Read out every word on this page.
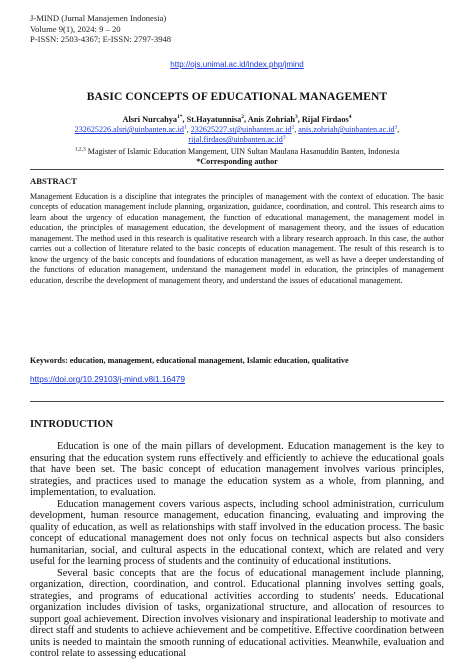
J-MIND (Jurnal Manajemen Indonesia)
Volume 9(1), 2024: 9 – 20
P-ISSN: 2503-4367; E-ISSN: 2797-3948
http://ojs.unimal.ac.id/index.php/jmind
BASIC CONCEPTS OF EDUCATIONAL MANAGEMENT
Alsri Nurcahya$^{1*}$, St.Hayatunnisa$^2$, Anis Zohriah$^3$, Rijal Firdaos$^4$
$232625226.alsri@uinbanten.ac.id^1$, $232625227.st@uinbanten.ac.id^2$, $anis.zohriah@uinbanten.ac.id^3$,
$rijal.firdaos@uinbanten.ac.id^3$
$^{1,2,3}$ Magister of Islamic Education Mangement, UIN Sultan Maulana Hasanuddin Banten, Indonesia
*Corresponding author
ABSTRACT
Management Education is a discipline that integrates the principles of management with the context of education. The basic concepts of education management include planning, organization, guidance, coordination, and control. This research aims to learn about the urgency of education management, the function of educational management, the management model in education, the principles of management education, the development of management theory, and the issues of education management. The method used in this research is qualitative research with a library research approach. In this case, the author carries out a collection of literature related to the basic concepts of education management. The result of this research is to know the urgency of the basic concepts and foundations of education management, as well as have a deeper understanding of the functions of education management, understand the management model in education, the principles of management education, describe the development of management theory, and understand the issues of educational management.
Keywords: education, management, educational management, Islamic education, qualitative
https://doi.org/10.29103/j-mind.v8i1.16479
INTRODUCTION

Education is one of the main pillars of development. Education management is the key to ensuring that the education system runs effectively and efficiently to achieve the educational goals that have been set. The basic concept of education management involves various principles, strategies, and practices used to manage the education system as a whole, from planning, and implementation, to evaluation.

Education management covers various aspects, including school administration, curriculum development, human resource management, education financing, evaluating and improving the quality of education, as well as relationships with staff involved in the education process. The basic concept of educational management does not only focus on technical aspects but also considers humanitarian, social, and cultural aspects in the educational context, which are related and very useful for the learning process of students and the continuity of educational institutions.

Several basic concepts that are the focus of educational management include planning, organization, direction, coordination, and control. Educational planning involves setting goals, strategies, and programs of educational activities according to students' needs. Educational organization includes division of tasks, organizational structure, and allocation of resources to support goal achievement. Direction involves visionary and inspirational leadership to motivate and direct staff and students to achieve achievement and be competitive. Effective coordination between units is needed to maintain the smooth running of educational activities. Meanwhile, evaluation and control relate to assessing educational
